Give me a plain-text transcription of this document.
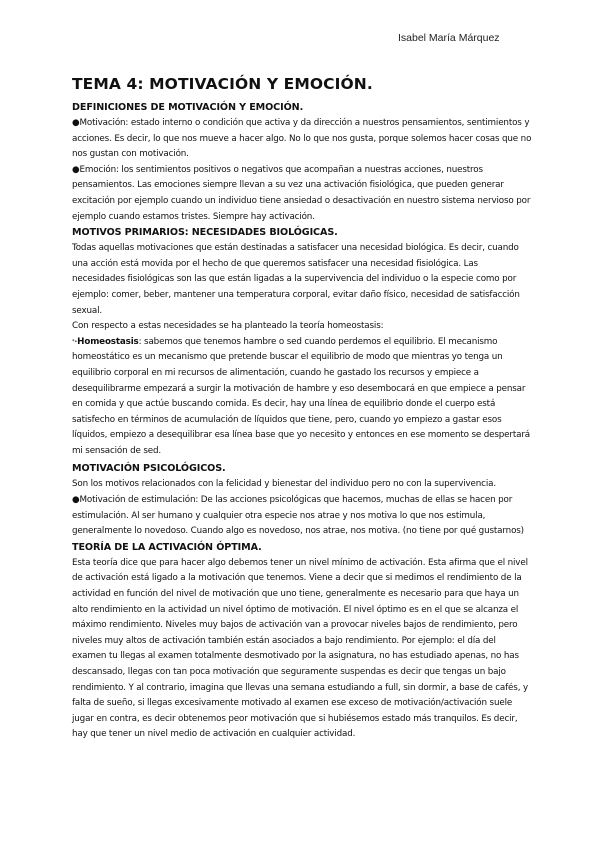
Isabel María Márquez
TEMA 4: MOTIVACIÓN Y EMOCIÓN.
DEFINICIONES DE MOTIVACIÓN Y EMOCIÓN.

●Motivación: estado interno o condición que activa y da dirección a nuestros pensamientos, sentimientos y acciones. Es decir, lo que nos mueve a hacer algo. No lo que nos gusta, porque solemos hacer cosas que no nos gustan con motivación.

●Emoción: los sentimientos positivos o negativos que acompañan a nuestras acciones, nuestros pensamientos. Las emociones siempre llevan a su vez una activación fisiológica, que pueden generar excitación por ejemplo cuando un individuo tiene ansiedad o desactivación en nuestro sistema nervioso por ejemplo cuando estamos tristes. Siempre hay activación.

MOTIVOS PRIMARIOS: NECESIDADES BIOLÓGICAS.

Todas aquellas motivaciones que están destinadas a satisfacer una necesidad biológica. Es decir, cuando una acción está movida por el hecho de que queremos satisfacer una necesidad fisiológica. Las necesidades fisiológicas son las que están ligadas a la supervivencia del individuo o la especie como por ejemplo: comer, beber, mantener una temperatura corporal, evitar daño físico, necesidad de satisfacción sexual.

Con respecto a estas necesidades se ha planteado la teoría homeostasis:

*•Homeostasis: sabemos que tenemos hambre o sed cuando perdemos el equilibrio. El mecanismo homeostático es un mecanismo que pretende buscar el equilibrio de modo que mientras yo tenga un equilibrio corporal en mi recursos de alimentación, cuando he gastado los recursos y empiece a desequilibrarme empezará a surgir la motivación de hambre y eso desembocará en que empiece a pensar en comida y que actúe buscando comida. Es decir, hay una línea de equilibrio donde el cuerpo está satisfecho en términos de acumulación de líquidos que tiene, pero, cuando yo empiezo a gastar esos líquidos, empiezo a desequilibrar esa línea base que yo necesito y entonces en ese momento se despertará mi sensación de sed.

MOTIVACIÓN PSICOLÓGICOS.

Son los motivos relacionados con la felicidad y bienestar del individuo pero no con la supervivencia.

●Motivación de estimulación: De las acciones psicológicas que hacemos, muchas de ellas se hacen por estimulación. Al ser humano y cualquier otra especie nos atrae y nos motiva lo que nos estimula, generalmente lo novedoso. Cuando algo es novedoso, nos atrae, nos motiva. (no tiene por qué gustarnos)

TEORÍA DE LA ACTIVACIÓN ÓPTIMA.

Esta teoría dice que para hacer algo debemos tener un nivel mínimo de activación. Esta afirma que el nivel de activación está ligado a la motivación que tenemos. Viene a decir que si medimos el rendimiento de la actividad en función del nivel de motivación que uno tiene, generalmente es necesario para que haya un alto rendimiento en la actividad un nivel óptimo de motivación. El nivel óptimo es en el que se alcanza el máximo rendimiento. Niveles muy bajos de activación van a provocar niveles bajos de rendimiento, pero niveles muy altos de activación también están asociados a bajo rendimiento. Por ejemplo: el día del examen tu llegas al examen totalmente desmotivado por la asignatura, no has estudiado apenas, no has descansado, llegas con tan poca motivación que seguramente suspendas es decir que tengas un bajo rendimiento. Y al contrario, imagina que llevas una semana estudiando a full, sin dormir, a base de cafés, y falta de sueño, si llegas excesivamente motivado al examen ese exceso de motivación/activación suele jugar en contra, es decir obtenemos peor motivación que si hubiésemos estado más tranquilos. Es decir, hay que tener un nivel medio de activación en cualquier actividad.
